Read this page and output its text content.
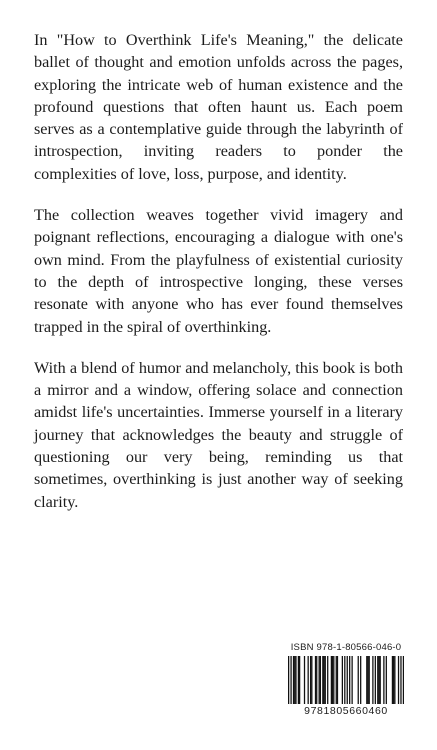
In "How to Overthink Life's Meaning," the delicate ballet of thought and emotion unfolds across the pages, exploring the intricate web of human existence and the profound questions that often haunt us. Each poem serves as a contemplative guide through the labyrinth of introspection, inviting readers to ponder the complexities of love, loss, purpose, and identity.

The collection weaves together vivid imagery and poignant reflections, encouraging a dialogue with one's own mind. From the playfulness of existential curiosity to the depth of introspective longing, these verses resonate with anyone who has ever found themselves trapped in the spiral of overthinking.

With a blend of humor and melancholy, this book is both a mirror and a window, offering solace and connection amidst life's uncertainties. Immerse yourself in a literary journey that acknowledges the beauty and struggle of questioning our very being, reminding us that sometimes, overthinking is just another way of seeking clarity.

ISBN 978-1-80566-046-0
9781805660460
